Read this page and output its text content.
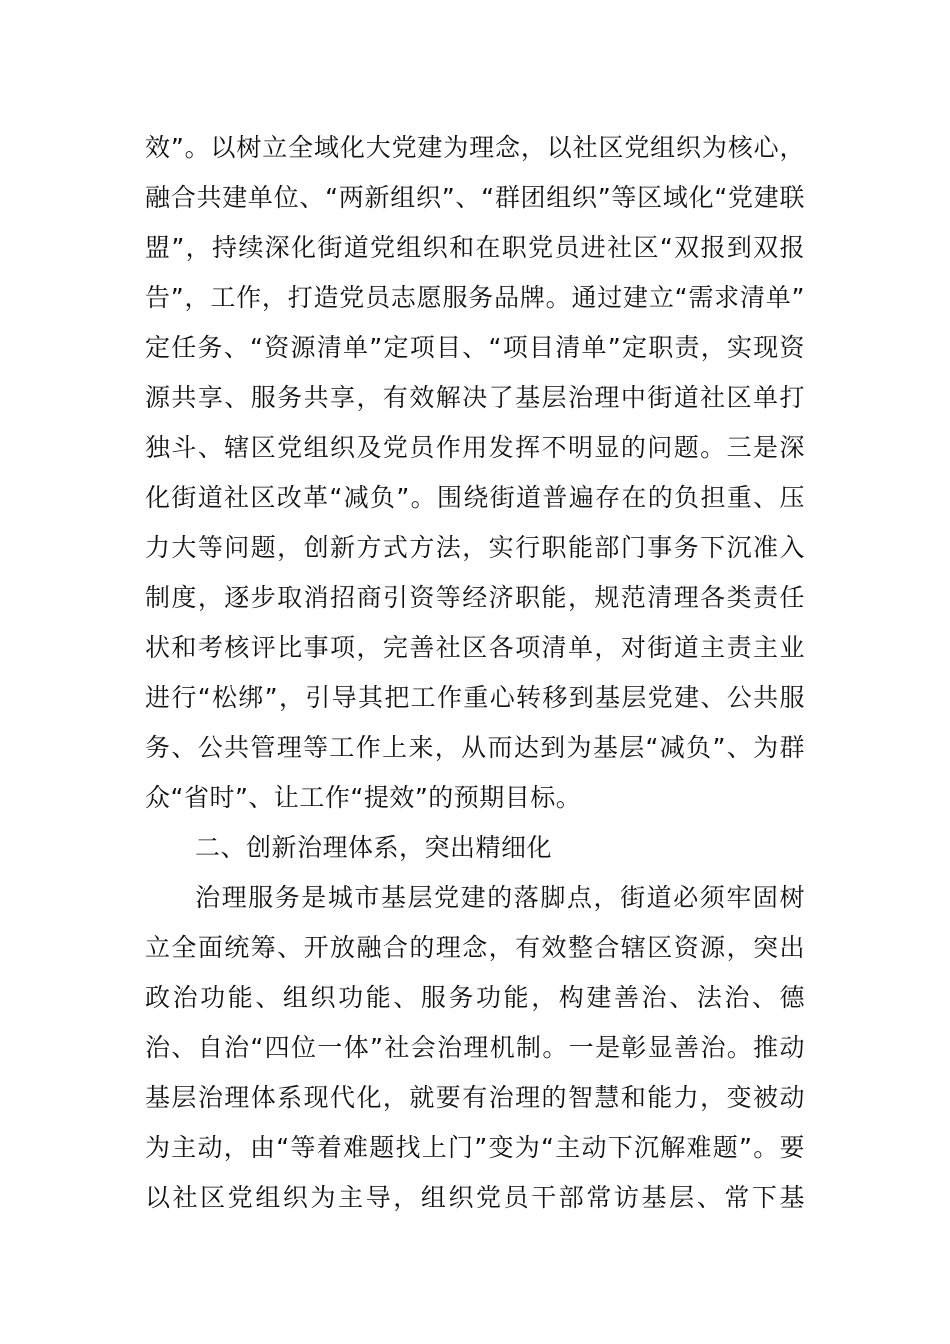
效”。以树立全域化大党建为理念，以社区党组织为核心，
融合共建单位、“两新组织”、“群团组织”等区域化“党建联
盟”，持续深化街道党组织和在职党员进社区“双报到双报
告”，工作，打造党员志愿服务品牌。通过建立“需求清单”
定任务、“资源清单”定项目、“项目清单”定职责，实现资
源共享、服务共享，有效解决了基层治理中街道社区单打
独斗、辖区党组织及党员作用发挥不明显的问题。三是深
化街道社区改革“减负”。围绕街道普遍存在的负担重、压
力大等问题，创新方式方法，实行职能部门事务下沉准入
制度，逐步取消招商引资等经济职能，规范清理各类责任
状和考核评比事项，完善社区各项清单，对街道主责主业
进行“松绑”，引导其把工作重心转移到基层党建、公共服
务、公共管理等工作上来，从而达到为基层“减负”、为群
众“省时”、让工作“提效”的预期目标。
二、创新治理体系，突出精细化
治理服务是城市基层党建的落脚点，街道必须牢固树
立全面统筹、开放融合的理念，有效整合辖区资源，突出
政治功能、组织功能、服务功能，构建善治、法治、德
治、自治“四位一体”社会治理机制。一是彰显善治。推动
基层治理体系现代化，就要有治理的智慧和能力，变被动
为主动，由“等着难题找上门”变为“主动下沉解难题”。要
以社区党组织为主导，组织党员干部常访基层、常下基
